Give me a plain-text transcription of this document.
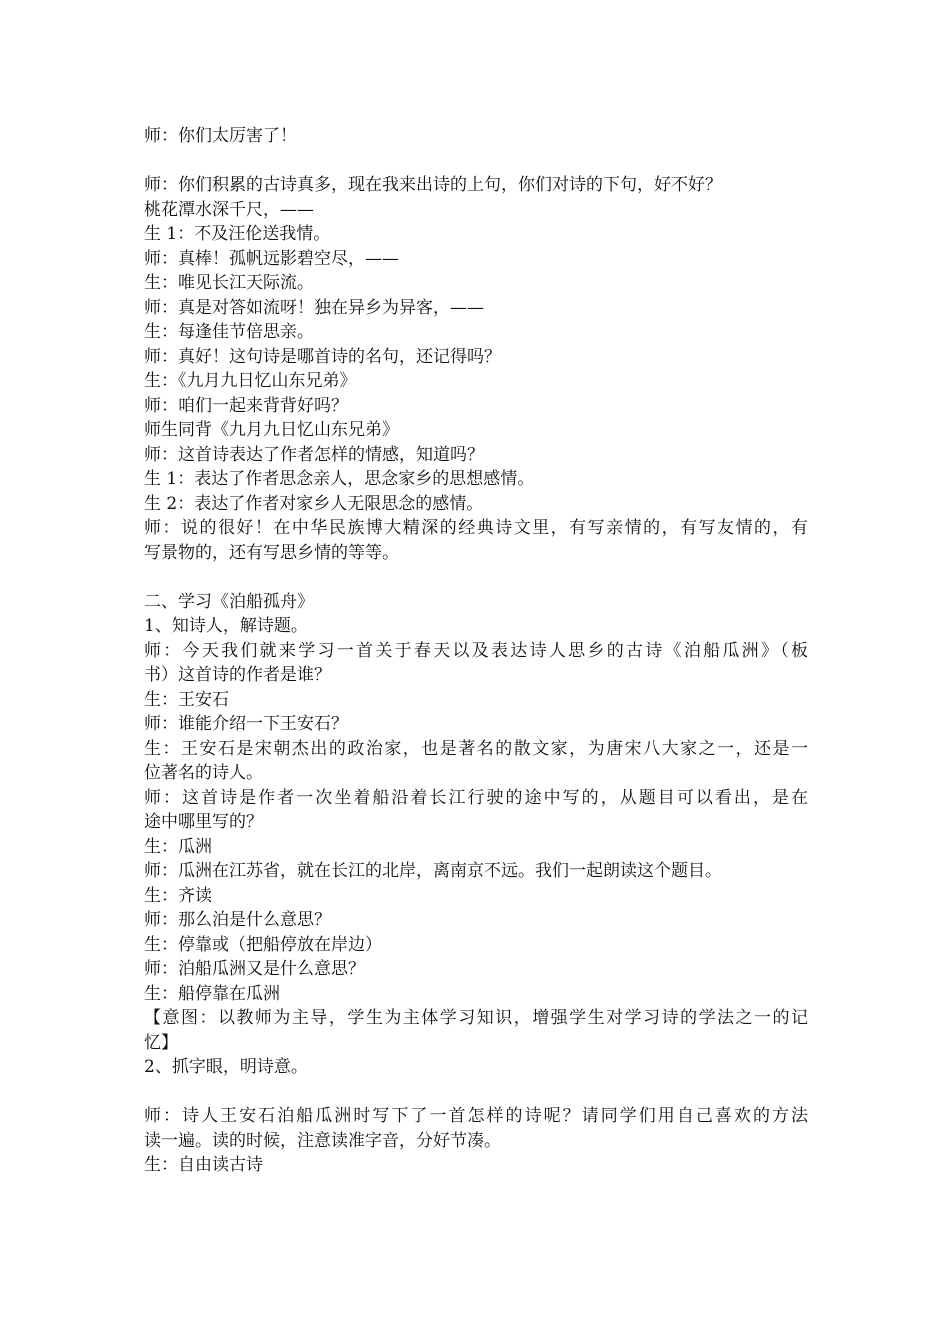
师：你们太厉害了！

师：你们积累的古诗真多，现在我来出诗的上句，你们对诗的下句，好不好？

桃花潭水深千尺，——

生 1：不及汪伦送我情。

师：真棒！孤帆远影碧空尽，——

生：唯见长江天际流。

师：真是对答如流呀！独在异乡为异客，——

生：每逢佳节倍思亲。

师：真好！这句诗是哪首诗的名句，还记得吗？

生：《九月九日忆山东兄弟》

师：咱们一起来背背好吗？

师生同背《九月九日忆山东兄弟》

师：这首诗表达了作者怎样的情感，知道吗？

生 1：表达了作者思念亲人，思念家乡的思想感情。

生 2：表达了作者对家乡人无限思念的感情。

师：说的很好！在中华民族博大精深的经典诗文里，有写亲情的，有写友情的，有

写景物的，还有写思乡情的等等。

二、学习《泊船孤舟》

1、知诗人，解诗题。

师：今天我们就来学习一首关于春天以及表达诗人思乡的古诗《泊船瓜洲》（板

书）这首诗的作者是谁？

生：王安石

师：谁能介绍一下王安石？

生：王安石是宋朝杰出的政治家，也是著名的散文家，为唐宋八大家之一，还是一

位著名的诗人。

师：这首诗是作者一次坐着船沿着长江行驶的途中写的，从题目可以看出，是在

途中哪里写的？

生：瓜洲

师：瓜洲在江苏省，就在长江的北岸，离南京不远。我们一起朗读这个题目。

生：齐读

师：那么泊是什么意思？

生：停靠或（把船停放在岸边）

师：泊船瓜洲又是什么意思？

生：船停靠在瓜洲

【意图：以教师为主导，学生为主体学习知识，增强学生对学习诗的学法之一的记

忆】

2、抓字眼，明诗意。

师：诗人王安石泊船瓜洲时写下了一首怎样的诗呢？请同学们用自己喜欢的方法

读一遍。读的时候，注意读准字音，分好节凑。

生：自由读古诗
